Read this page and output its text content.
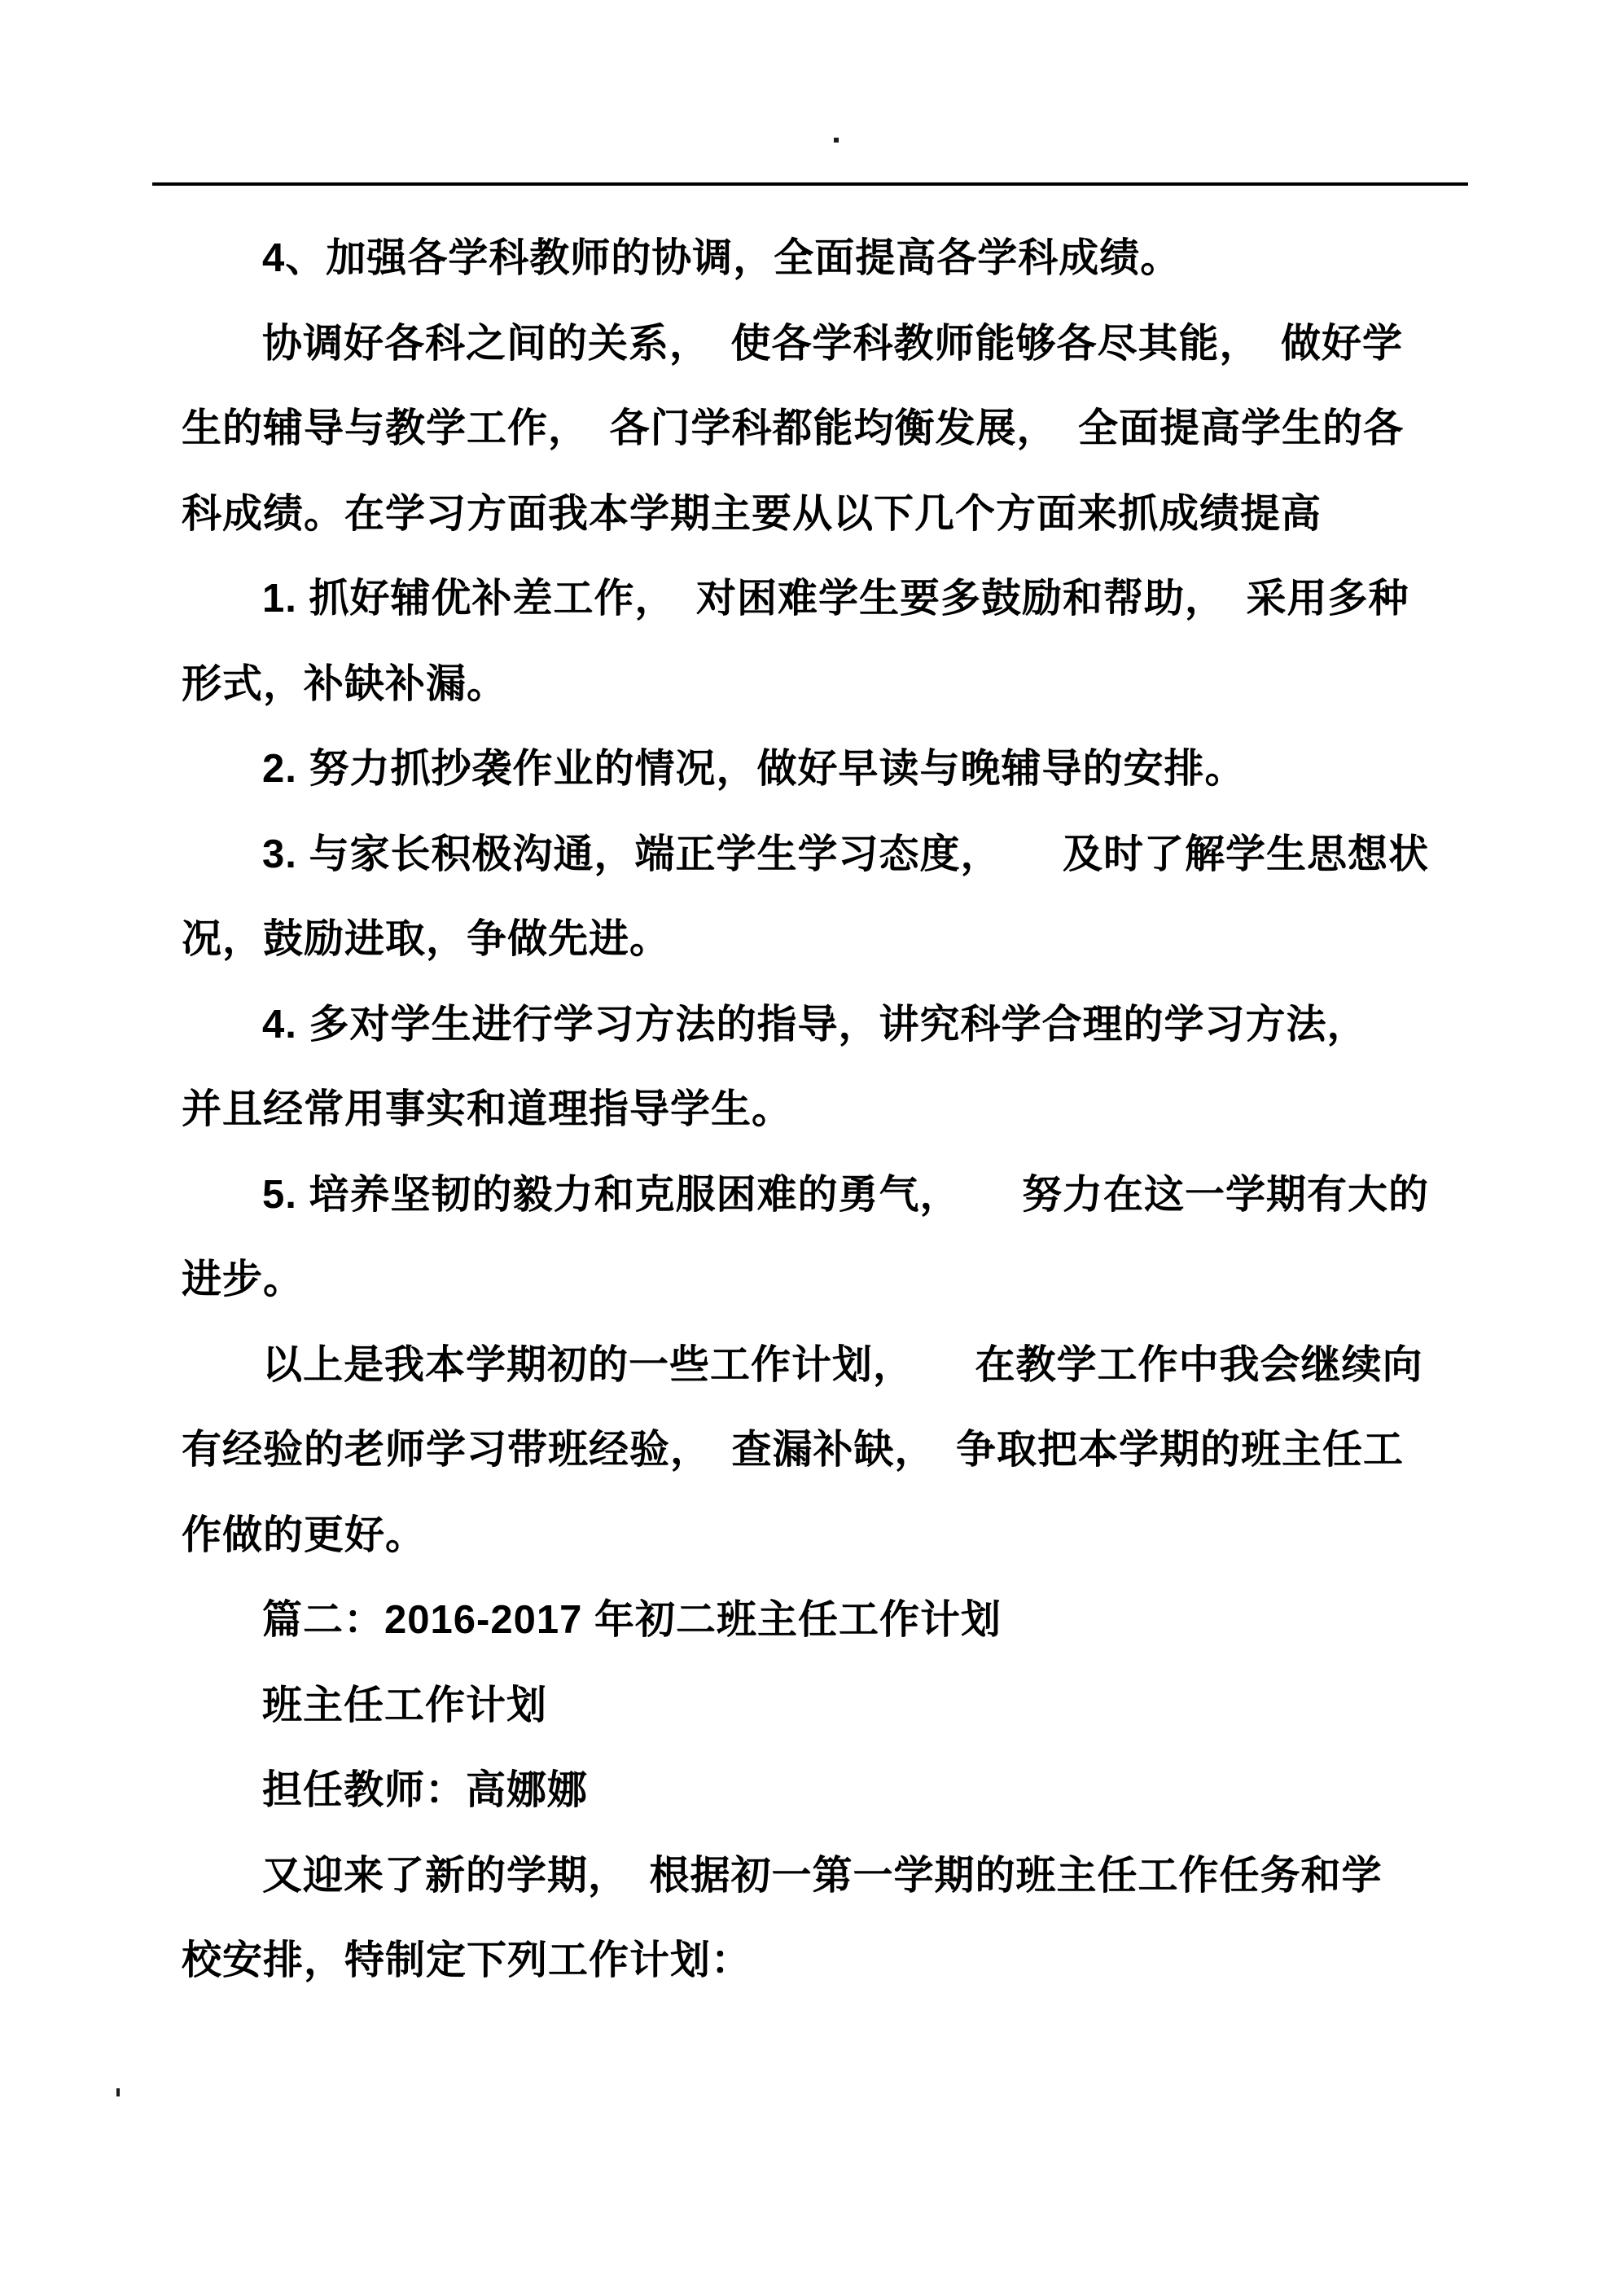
4、加强各学科教师的协调，全面提高各学科成绩。
协调好各科之间的关系，　使各学科教师能够各尽其能，　做好学
生的辅导与教学工作，　各门学科都能均衡发展，　全面提高学生的各
科成绩。在学习方面我本学期主要从以下几个方面来抓成绩提高
1. 抓好辅优补差工作，　对困难学生要多鼓励和帮助，　采用多种
形式，补缺补漏。
2. 努力抓抄袭作业的情况，做好早读与晚辅导的安排。
3. 与家长积极沟通，端正学生学习态度，　　及时了解学生思想状
况，鼓励进取，争做先进。
4. 多对学生进行学习方法的指导，讲究科学合理的学习方法，
并且经常用事实和道理指导学生。
5. 培养坚韧的毅力和克服困难的勇气，　　努力在这一学期有大的
进步。
以上是我本学期初的一些工作计划，　　在教学工作中我会继续向
有经验的老师学习带班经验，　查漏补缺，　争取把本学期的班主任工
作做的更好。
篇二：2016-2017 年初二班主任工作计划
班主任工作计划
担任教师：高娜娜
又迎来了新的学期，　根据初一第一学期的班主任工作任务和学
校安排，特制定下列工作计划：
